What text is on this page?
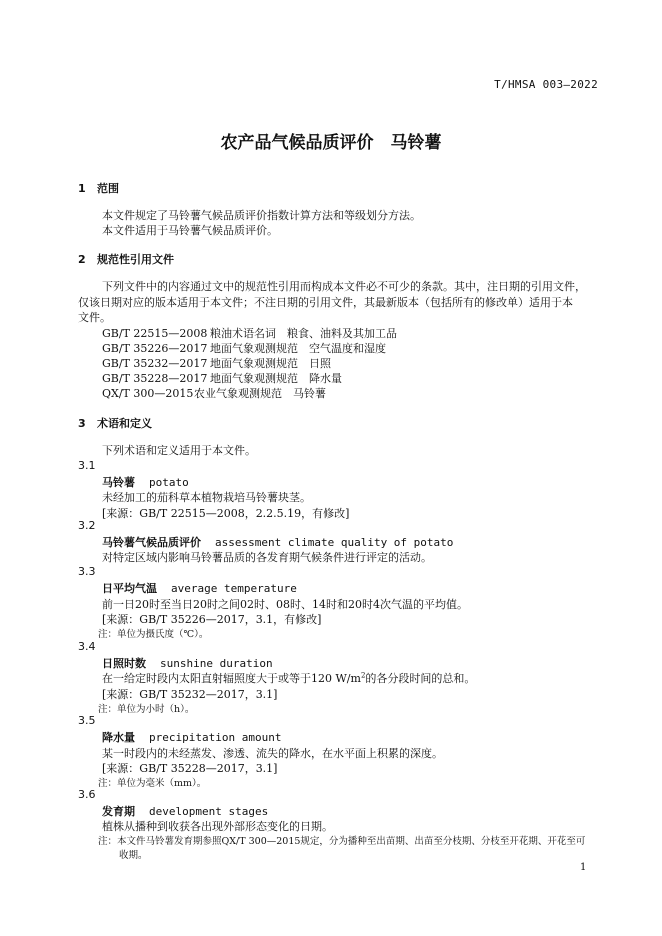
T/HMSA 003—2022
农产品气候品质评价　马铃薯
1 范围
本文件规定了马铃薯气候品质评价指数计算方法和等级划分方法。
本文件适用于马铃薯气候品质评价。
2 规范性引用文件
下列文件中的内容通过文中的规范性引用而构成本文件必不可少的条款。其中，注日期的引用文件，
仅该日期对应的版本适用于本文件；不注日期的引用文件，其最新版本（包括所有的修改单）适用于本
文件。
GB/T 22515—2008 粮油术语名词　粮食、油料及其加工品
GB/T 35226—2017 地面气象观测规范　空气温度和湿度
GB/T 35232—2017 地面气象观测规范　日照
GB/T 35228—2017 地面气象观测规范　降水量
QX/T 300—2015农业气象观测规范　马铃薯
3 术语和定义
下列术语和定义适用于本文件。
3.1
马铃薯 potato
未经加工的茄科草本植物栽培马铃薯块茎。
[来源：GB/T 22515—2008，2.2.5.19，有修改]
3.2
马铃薯气候品质评价 assessment climate quality of potato
对特定区域内影响马铃薯品质的各发育期气候条件进行评定的活动。
3.3
日平均气温 average temperature
前一日20时至当日20时之间02时、08时、14时和20时4次气温的平均值。
[来源：GB/T 35226—2017，3.1，有修改]
注：单位为摄氏度（℃）。
3.4
日照时数 sunshine duration
在一给定时段内太阳直射辐照度大于或等于120 $W/m^2$的各分段时间的总和。
[来源：GB/T 35232—2017，3.1]
注：单位为小时（h）。
3.5
降水量 precipitation amount
某一时段内的未经蒸发、渗透、流失的降水，在水平面上积累的深度。
[来源：GB/T 35228—2017，3.1]
注：单位为毫米（mm）。
3.6
发育期 development stages
植株从播种到收获各出现外部形态变化的日期。
注：本文件马铃薯发育期参照QX/T 300—2015规定，分为播种至出苗期、出苗至分枝期、分枝至开花期、开花至可
收期。
1
